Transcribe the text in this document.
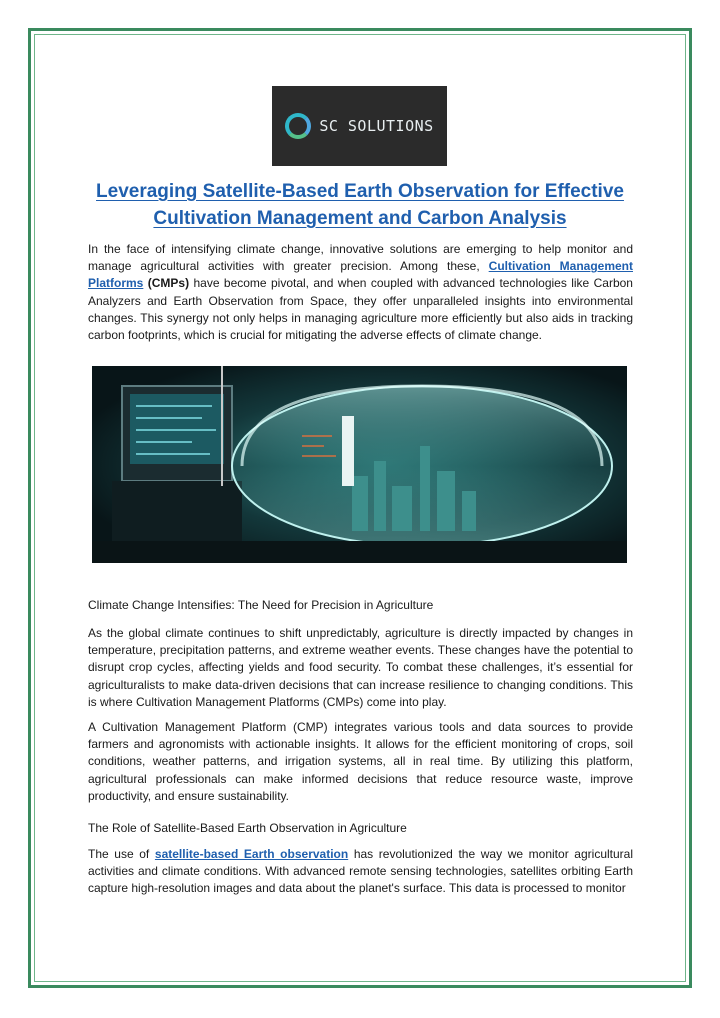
SC SOLUTIONS
Leveraging Satellite-Based Earth Observation for Effective
Cultivation Management and Carbon Analysis
In the face of intensifying climate change, innovative solutions are emerging to help monitor and manage agricultural activities with greater precision. Among these, Cultivation Management Platforms (CMPs) have become pivotal, and when coupled with advanced technologies like Carbon Analyzers and Earth Observation from Space, they offer unparalleled insights into environmental changes. This synergy not only helps in managing agriculture more efficiently but also aids in tracking carbon footprints, which is crucial for mitigating the adverse effects of climate change.
Climate Change Intensifies: The Need for Precision in Agriculture
As the global climate continues to shift unpredictably, agriculture is directly impacted by changes in temperature, precipitation patterns, and extreme weather events. These changes have the potential to disrupt crop cycles, affecting yields and food security. To combat these challenges, it’s essential for agriculturalists to make data-driven decisions that can increase resilience to changing conditions. This is where Cultivation Management Platforms (CMPs) come into play.
A Cultivation Management Platform (CMP) integrates various tools and data sources to provide farmers and agronomists with actionable insights. It allows for the efficient monitoring of crops, soil conditions, weather patterns, and irrigation systems, all in real time. By utilizing this platform, agricultural professionals can make informed decisions that reduce resource waste, improve productivity, and ensure sustainability.
The Role of Satellite-Based Earth Observation in Agriculture
The use of satellite-based Earth observation has revolutionized the way we monitor agricultural activities and climate conditions. With advanced remote sensing technologies, satellites orbiting Earth capture high-resolution images and data about the planet's surface. This data is processed to monitor
